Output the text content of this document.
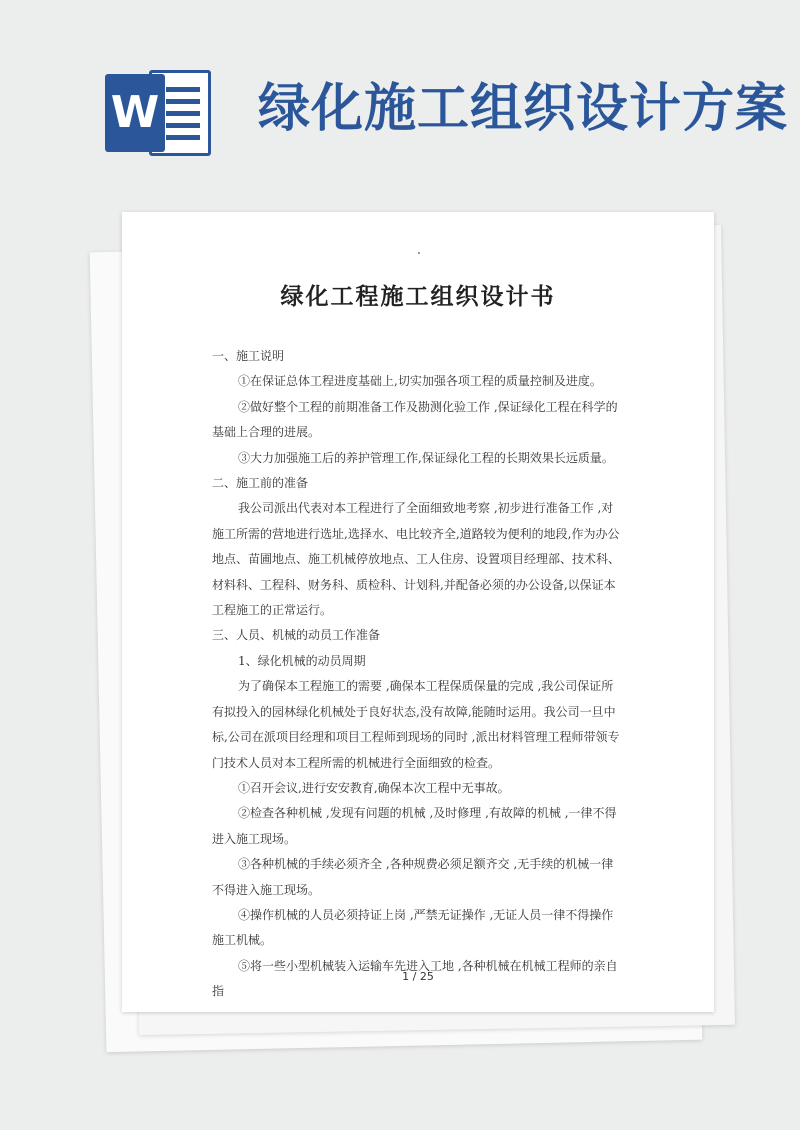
W 绿化施工组织设计方案
绿化工程施工组织设计书

一、施工说明

①在保证总体工程进度基础上,切实加强各项工程的质量控制及进度。

②做好整个工程的前期准备工作及勘测化验工作 ,保证绿化工程在科学的基础上合理的进展。

③大力加强施工后的养护管理工作,保证绿化工程的长期效果长远质量。

二、施工前的准备

我公司派出代表对本工程进行了全面细致地考察 ,初步进行准备工作 ,对施工所需的营地进行选址,选择水、电比较齐全,道路较为便利的地段,作为办公地点、苗圃地点、施工机械停放地点、工人住房、设置项目经理部、技术科、材料科、工程科、财务科、质检科、计划科,并配备必须的办公设备,以保证本工程施工的正常运行。

三、人员、机械的动员工作准备

1、绿化机械的动员周期

为了确保本工程施工的需要 ,确保本工程保质保量的完成 ,我公司保证所有拟投入的园林绿化机械处于良好状态,没有故障,能随时运用。我公司一旦中标,公司在派项目经理和项目工程师到现场的同时 ,派出材料管理工程师带领专门技术人员对本工程所需的机械进行全面细致的检查。

①召开会议,进行安安教育,确保本次工程中无事故。

②检查各种机械 ,发现有问题的机械 ,及时修理 ,有故障的机械 ,一律不得进入施工现场。

③各种机械的手续必须齐全 ,各种规费必须足额齐交 ,无手续的机械一律不得进入施工现场。

④操作机械的人员必须持证上岗 ,严禁无证操作 ,无证人员一律不得操作施工机械。

⑤将一些小型机械装入运输车先进入工地 ,各种机械在机械工程师的亲自指

1 / 25
